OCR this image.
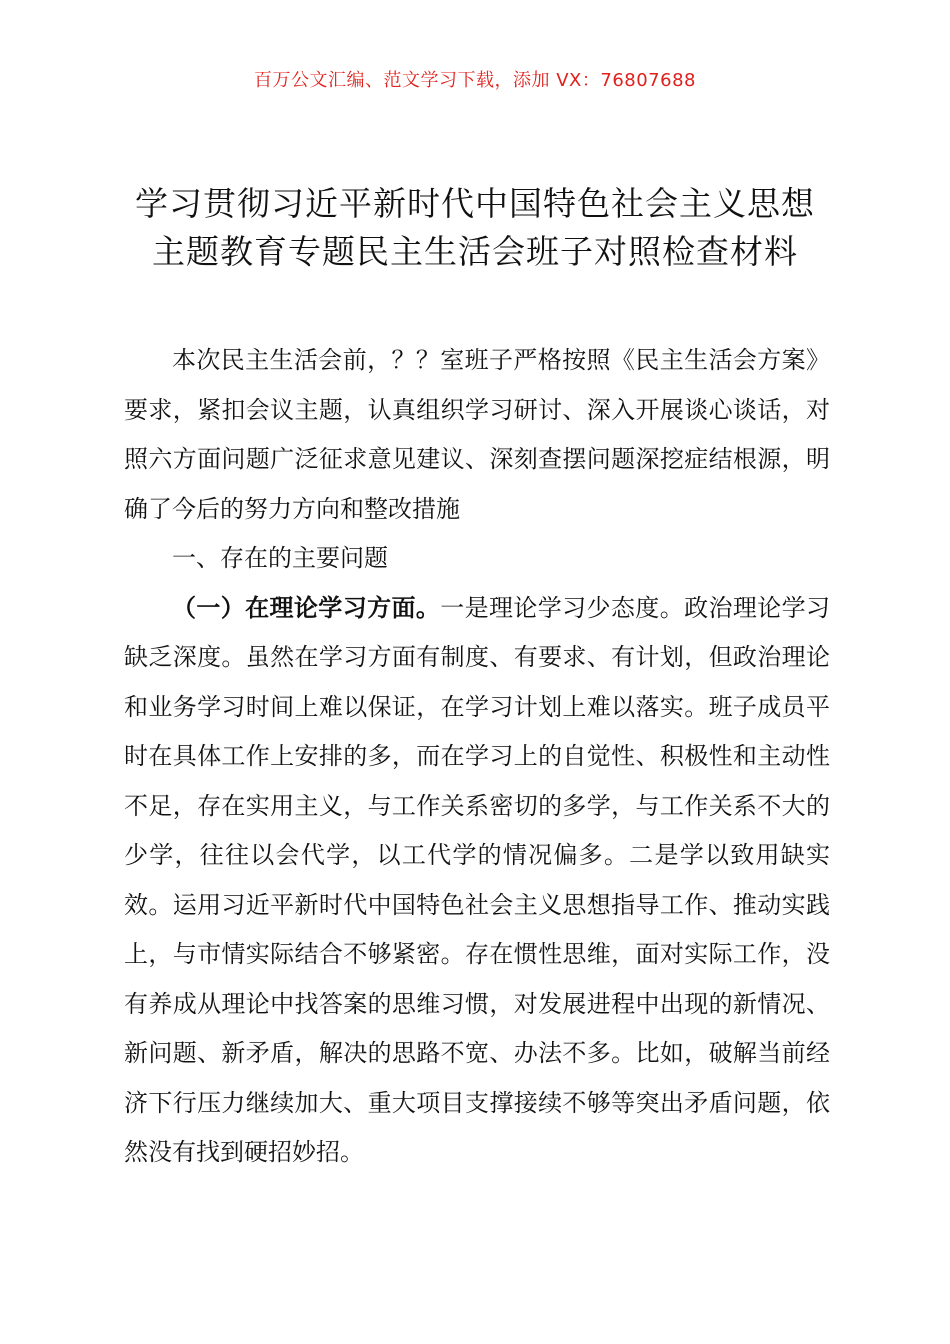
百万公文汇编、范文学习下载，添加 VX：76807688
学习贯彻习近平新时代中国特色社会主义思想
主题教育专题民主生活会班子对照检查材料

本次民主生活会前，？？室班子严格按照《民主生活会方案》要求，紧扣会议主题，认真组织学习研讨、深入开展谈心谈话，对照六方面问题广泛征求意见建议、深刻查摆问题深挖症结根源，明确了今后的努力方向和整改措施

一、存在的主要问题

（一）在理论学习方面。一是理论学习少态度。政治理论学习缺乏深度。虽然在学习方面有制度、有要求、有计划，但政治理论和业务学习时间上难以保证，在学习计划上难以落实。班子成员平时在具体工作上安排的多，而在学习上的自觉性、积极性和主动性不足，存在实用主义，与工作关系密切的多学，与工作关系不大的少学，往往以会代学，以工代学的情况偏多。二是学以致用缺实效。运用习近平新时代中国特色社会主义思想指导工作、推动实践上，与市情实际结合不够紧密。存在惯性思维，面对实际工作，没有养成从理论中找答案的思维习惯，对发展进程中出现的新情况、新问题、新矛盾，解决的思路不宽、办法不多。比如，破解当前经济下行压力继续加大、重大项目支撑接续不够等突出矛盾问题，依然没有找到硬招妙招。
